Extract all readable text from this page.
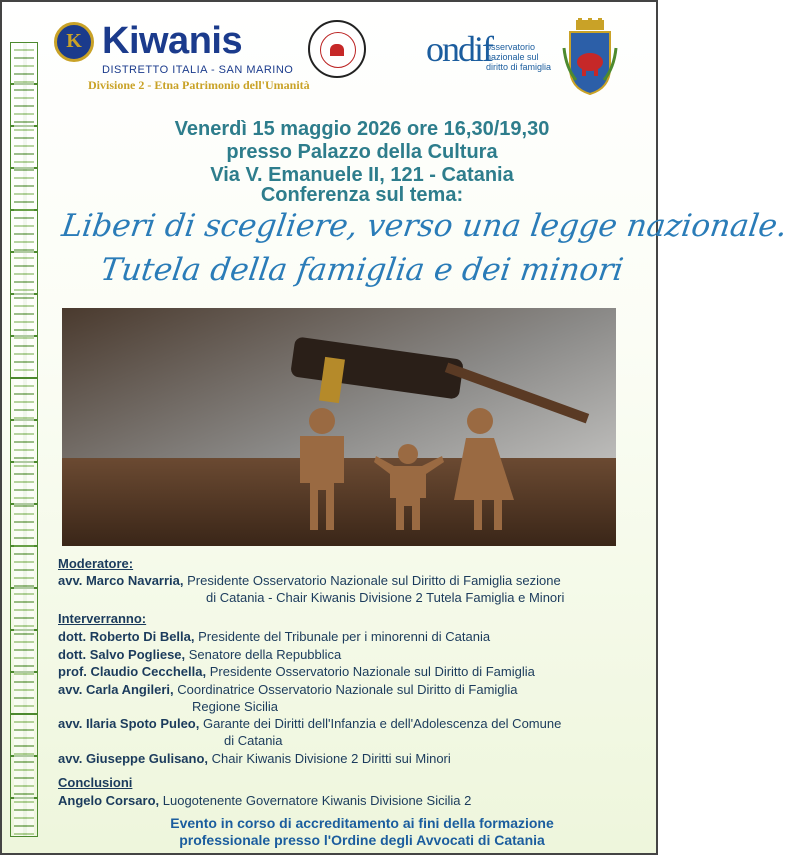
K
Kiwanis
DISTRETTO ITALIA - SAN MARINO
Divisione 2 - Etna Patrimonio dell'Umanità
ondif
osservatorio nazionale sul diritto di famiglia
Venerdì 15 maggio 2026 ore 16,30/19,30
presso Palazzo della Cultura
Via V. Emanuele II, 121 - Catania
Conferenza sul tema:
Liberi di scegliere, verso una legge nazionale.
Tutela della famiglia e dei minori
Moderatore:
avv. Marco Navarria, Presidente Osservatorio Nazionale sul Diritto di Famiglia sezione
di Catania - Chair Kiwanis Divisione 2 Tutela Famiglia e Minori
Interverranno:
dott. Roberto Di Bella, Presidente del Tribunale per i minorenni di Catania
dott. Salvo Pogliese, Senatore della Repubblica
prof. Claudio Cecchella, Presidente Osservatorio Nazionale sul Diritto di Famiglia
avv. Carla Angileri, Coordinatrice Osservatorio Nazionale sul Diritto di Famiglia
Regione Sicilia
avv. Ilaria Spoto Puleo, Garante dei Diritti dell'Infanzia e dell'Adolescenza del Comune
di Catania
avv. Giuseppe Gulisano, Chair Kiwanis Divisione 2 Diritti sui Minori
Conclusioni
Angelo Corsaro, Luogotenente Governatore Kiwanis Divisione Sicilia 2
Evento in corso di accreditamento ai fini della formazione
professionale presso l'Ordine degli Avvocati di Catania
